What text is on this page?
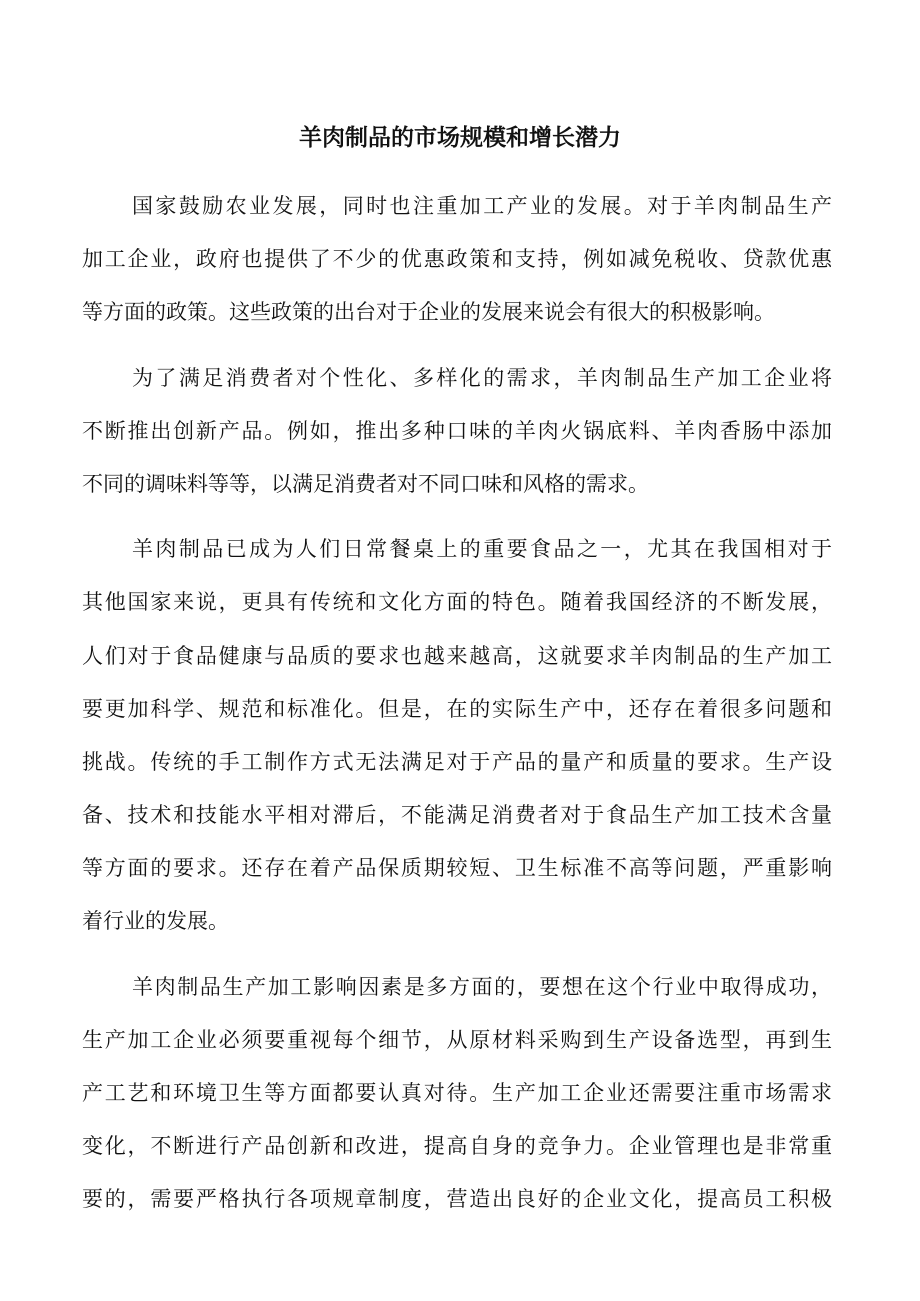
羊肉制品的市场规模和增长潜力
国家鼓励农业发展，同时也注重加工产业的发展。对于羊肉制品生产
加工企业，政府也提供了不少的优惠政策和支持，例如减免税收、贷款优惠
等方面的政策。这些政策的出台对于企业的发展来说会有很大的积极影响。
为了满足消费者对个性化、多样化的需求，羊肉制品生产加工企业将
不断推出创新产品。例如，推出多种口味的羊肉火锅底料、羊肉香肠中添加
不同的调味料等等，以满足消费者对不同口味和风格的需求。
羊肉制品已成为人们日常餐桌上的重要食品之一，尤其在我国相对于
其他国家来说，更具有传统和文化方面的特色。随着我国经济的不断发展，
人们对于食品健康与品质的要求也越来越高，这就要求羊肉制品的生产加工
要更加科学、规范和标准化。但是，在的实际生产中，还存在着很多问题和
挑战。传统的手工制作方式无法满足对于产品的量产和质量的要求。生产设
备、技术和技能水平相对滞后，不能满足消费者对于食品生产加工技术含量
等方面的要求。还存在着产品保质期较短、卫生标准不高等问题，严重影响
着行业的发展。
羊肉制品生产加工影响因素是多方面的，要想在这个行业中取得成功，
生产加工企业必须要重视每个细节，从原材料采购到生产设备选型，再到生
产工艺和环境卫生等方面都要认真对待。生产加工企业还需要注重市场需求
变化，不断进行产品创新和改进，提高自身的竞争力。企业管理也是非常重
要的，需要严格执行各项规章制度，营造出良好的企业文化，提高员工积极
